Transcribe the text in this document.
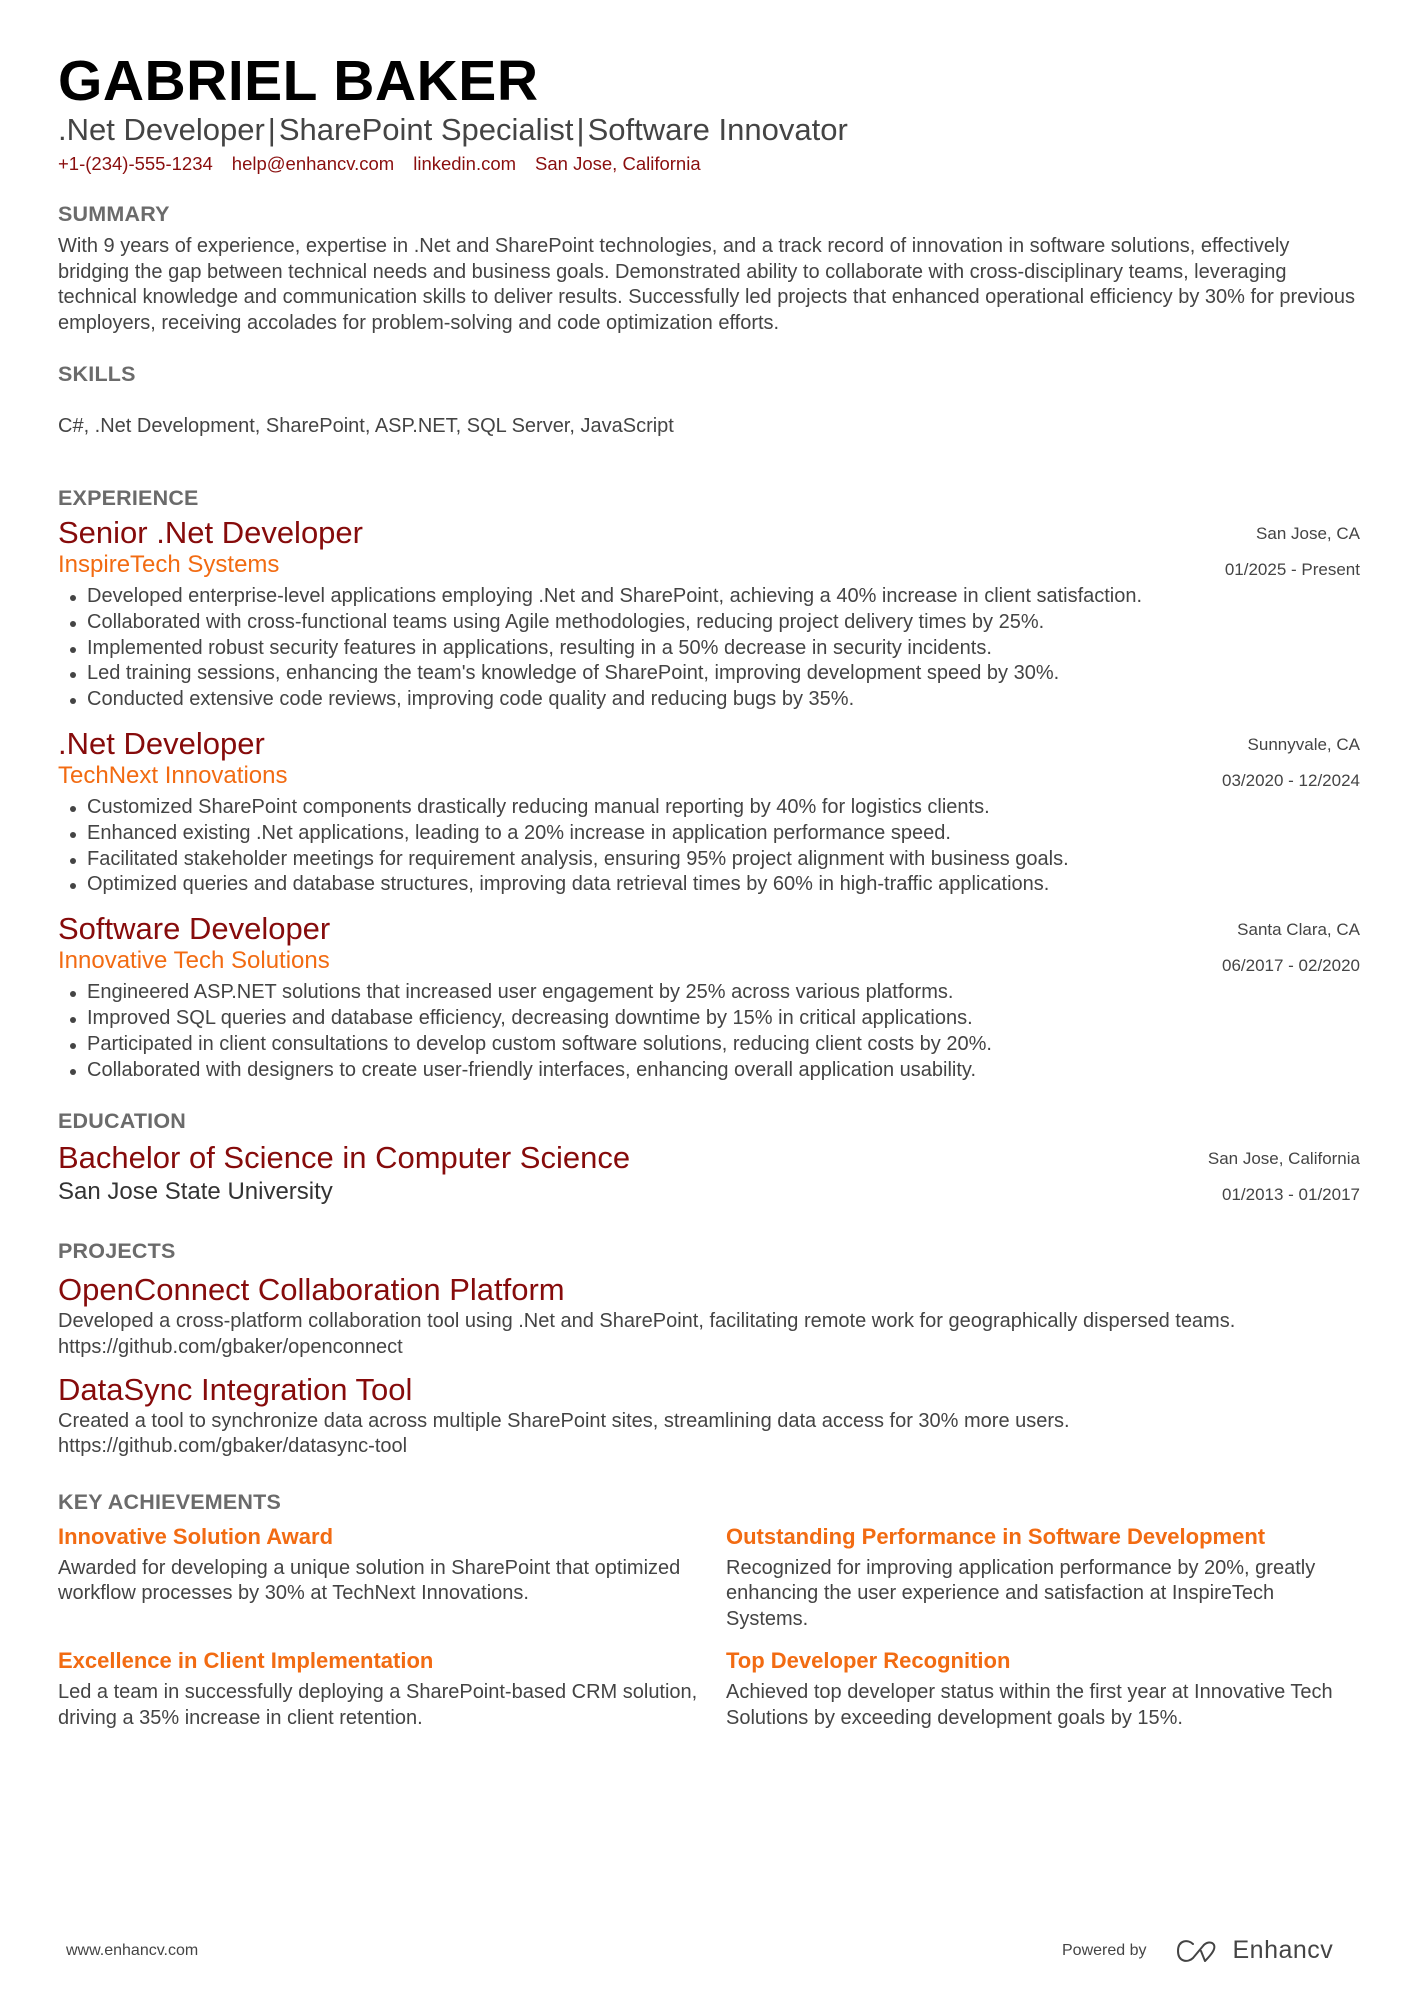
GABRIEL BAKER
.Net Developer|SharePoint Specialist|Software Innovator
+1-(234)-555-1234 help@enhancv.com linkedin.com San Jose, California
SUMMARY

With 9 years of experience, expertise in .Net and SharePoint technologies, and a track record of innovation in software solutions, effectively bridging the gap between technical needs and business goals. Demonstrated ability to collaborate with cross-disciplinary teams, leveraging technical knowledge and communication skills to deliver results. Successfully led projects that enhanced operational efficiency by 30% for previous employers, receiving accolades for problem-solving and code optimization efforts.

SKILLS

C#, .Net Development, SharePoint, ASP.NET, SQL Server, JavaScript

EXPERIENCE
Senior .Net Developer
InspireTech Systems
San Jose, CA
01/2025 - Present
Developed enterprise-level applications employing .Net and SharePoint, achieving a 40% increase in client satisfaction.
Collaborated with cross-functional teams using Agile methodologies, reducing project delivery times by 25%.
Implemented robust security features in applications, resulting in a 50% decrease in security incidents.
Led training sessions, enhancing the team's knowledge of SharePoint, improving development speed by 30%.
Conducted extensive code reviews, improving code quality and reducing bugs by 35%.
.Net Developer
TechNext Innovations
Sunnyvale, CA
03/2020 - 12/2024
Customized SharePoint components drastically reducing manual reporting by 40% for logistics clients.
Enhanced existing .Net applications, leading to a 20% increase in application performance speed.
Facilitated stakeholder meetings for requirement analysis, ensuring 95% project alignment with business goals.
Optimized queries and database structures, improving data retrieval times by 60% in high-traffic applications.
Software Developer
Innovative Tech Solutions
Santa Clara, CA
06/2017 - 02/2020
Engineered ASP.NET solutions that increased user engagement by 25% across various platforms.
Improved SQL queries and database efficiency, decreasing downtime by 15% in critical applications.
Participated in client consultations to develop custom software solutions, reducing client costs by 20%.
Collaborated with designers to create user-friendly interfaces, enhancing overall application usability.
EDUCATION
Bachelor of Science in Computer Science
San Jose State University
San Jose, California
01/2013 - 01/2017
PROJECTS
OpenConnect Collaboration Platform

Developed a cross-platform collaboration tool using .Net and SharePoint, facilitating remote work for geographically dispersed teams. https://github.com/gbaker/openconnect

DataSync Integration Tool

Created a tool to synchronize data across multiple SharePoint sites, streamlining data access for 30% more users. https://github.com/gbaker/datasync-tool

KEY ACHIEVEMENTS
Innovative Solution Award

Awarded for developing a unique solution in SharePoint that optimized workflow processes by 30% at TechNext Innovations.

Outstanding Performance in Software Development

Recognized for improving application performance by 20%, greatly enhancing the user experience and satisfaction at InspireTech Systems.

Excellence in Client Implementation

Led a team in successfully deploying a SharePoint-based CRM solution, driving a 35% increase in client retention.

Top Developer Recognition

Achieved top developer status within the first year at Innovative Tech Solutions by exceeding development goals by 15%.

www.enhancv.com	Powered by	Enhancv
